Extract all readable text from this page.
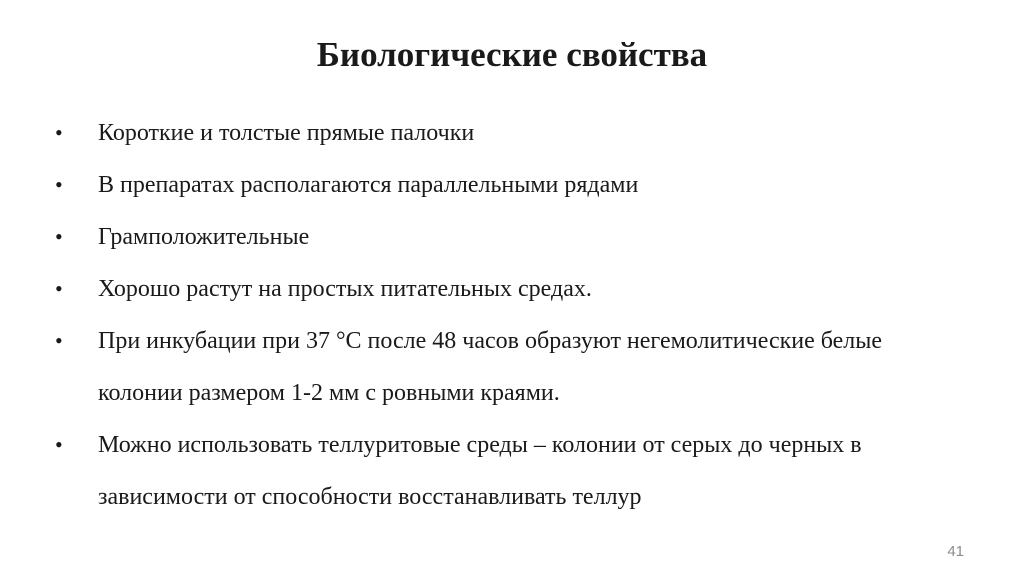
Биологические свойства
•	Короткие и толстые прямые палочки
•	В препаратах располагаются параллельными рядами
•	Грамположительные
•	Хорошо растут на простых питательных средах.
•	При инкубации при 37 °C после 48 часов образуют негемолитические белые колонии размером 1-2 мм с ровными краями.
•	Можно использовать теллуритовые среды – колонии от серых до черных в зависимости от способности восстанавливать теллур
41
